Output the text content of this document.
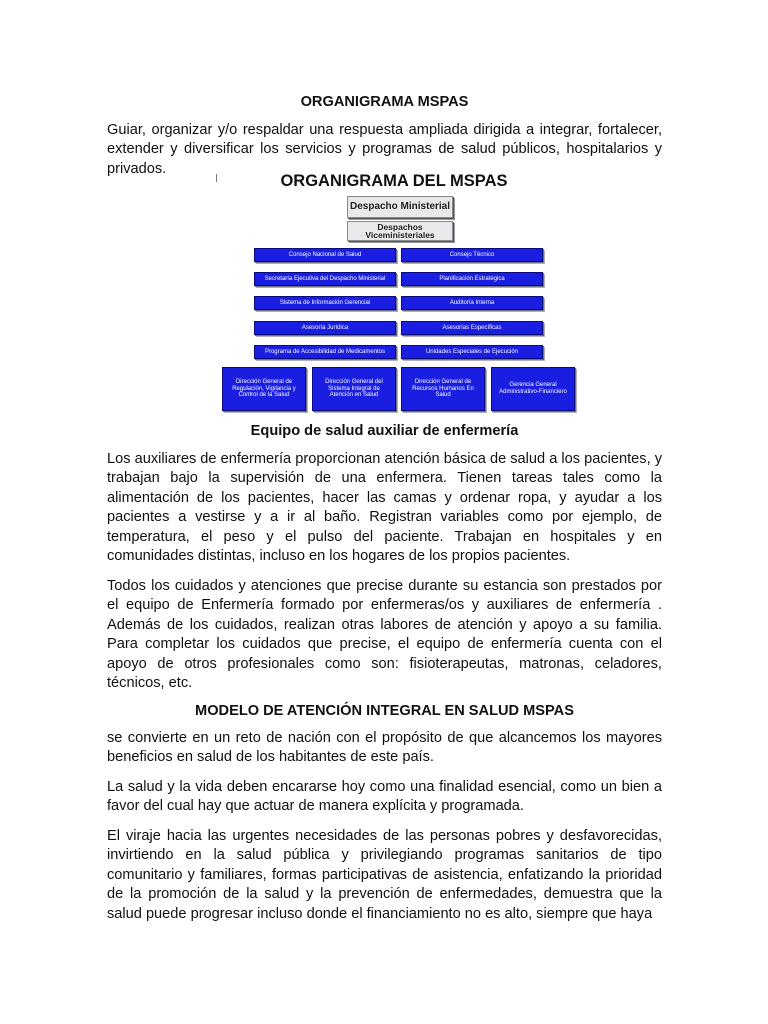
ORGANIGRAMA MSPAS

Guiar, organizar y/o respaldar una respuesta ampliada dirigida a integrar, fortalecer, extender y diversificar los servicios y programas de salud públicos, hospitalarios y privados.

ORGANIGRAMA DEL MSPAS
Despacho Ministerial
Despachos Viceministeriales
Consejo Nacional de Salud
Secretaría Ejecutiva del Despacho Ministerial
Sistema de Información Gerencial
Asesoría Jurídica
Programa de Accesibilidad de Medicamentos
Consejo Técnico
Planificación Estratégica
Auditoría Interna
Asesorías Específicas
Unidades Especiales de Ejecución
Dirección General de Regulación, Vigilancia y Control de la Salud
Dirección General del Sistema Integral de Atención en Salud
Dirección General de Recursos Humanos En Salud
Gerencia General Administrativo-Financiero
Equipo de salud auxiliar de enfermería

Los auxiliares de enfermería proporcionan atención básica de salud a los pacientes, y trabajan bajo la supervisión de una enfermera. Tienen tareas tales como la alimentación de los pacientes, hacer las camas y ordenar ropa, y ayudar a los pacientes a vestirse y a ir al baño. Registran variables como por ejemplo, de temperatura, el peso y el pulso del paciente. Trabajan en hospitales y en comunidades distintas, incluso en los hogares de los propios pacientes.

Todos los cuidados y atenciones que precise durante su estancia son prestados por el equipo de Enfermería formado por enfermeras/os y auxiliares de enfermería . Además de los cuidados, realizan otras labores de atención y apoyo a su familia. Para completar los cuidados que precise, el equipo de enfermería cuenta con el apoyo de otros profesionales como son: fisioterapeutas, matronas, celadores, técnicos, etc.

MODELO DE ATENCIÓN INTEGRAL EN SALUD MSPAS

se convierte en un reto de nación con el propósito de que alcancemos los mayores beneficios en salud de los habitantes de este país.

La salud y la vida deben encararse hoy como una finalidad esencial, como un bien a favor del cual hay que actuar de manera explícita y programada.

El viraje hacia las urgentes necesidades de las personas pobres y desfavorecidas, invirtiendo en la salud pública y privilegiando programas sanitarios de tipo comunitario y familiares, formas participativas de asistencia, enfatizando la prioridad de la promoción de la salud y la prevención de enfermedades, demuestra que la salud puede progresar incluso donde el financiamiento no es alto, siempre que haya
